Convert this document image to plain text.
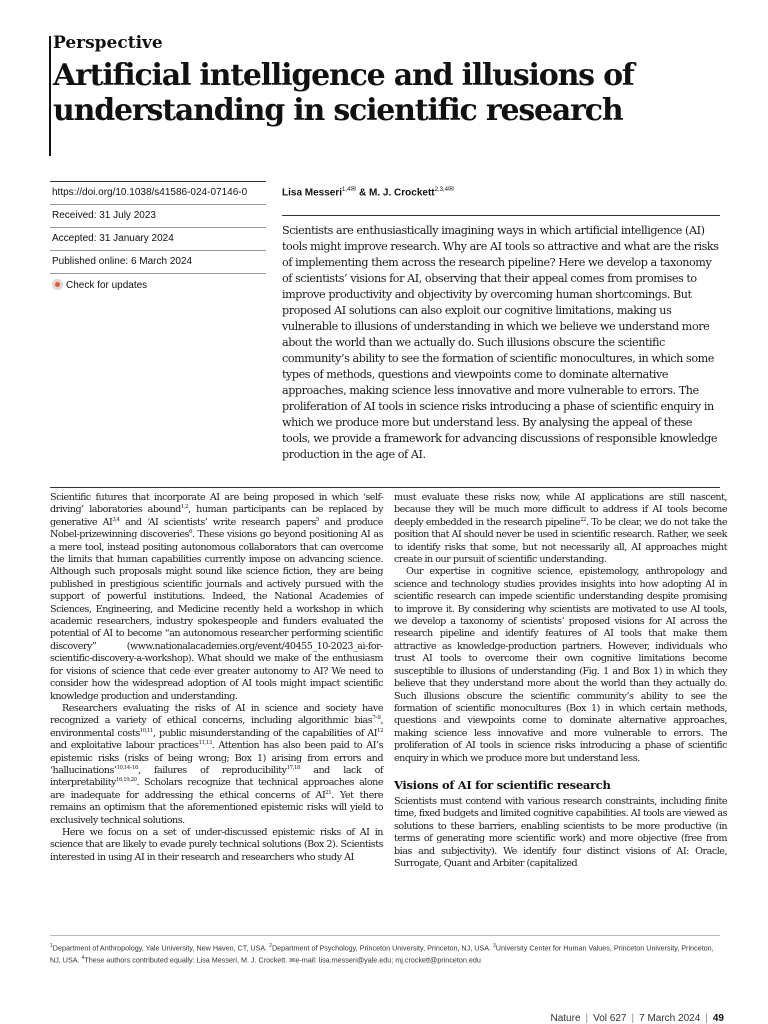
Perspective
Artificial intelligence and illusions of
understanding in scientific research
https://doi.org/10.1038/s41586-024-07146-0
Received: 31 July 2023
Accepted: 31 January 2024
Published online: 6 March 2024
Check for updates
Lisa Messeri$^{1,4✉}$ & M. J. Crockett$^{2,3,4✉}$

Scientists are enthusiastically imagining ways in which artificial intelligence (AI) tools might improve research. Why are AI tools so attractive and what are the risks of implementing them across the research pipeline? Here we develop a taxonomy of scientists’ visions for AI, observing that their appeal comes from promises to improve productivity and objectivity by overcoming human shortcomings. But proposed AI solutions can also exploit our cognitive limitations, making us vulnerable to illusions of understanding in which we believe we understand more about the world than we actually do. Such illusions obscure the scientific community’s ability to see the formation of scientific monocultures, in which some types of methods, questions and viewpoints come to dominate alternative approaches, making science less innovative and more vulnerable to errors. The proliferation of AI tools in science risks introducing a phase of scientific enquiry in which we produce more but understand less. By analysing the appeal of these tools, we provide a framework for advancing discussions of responsible knowledge production in the age of AI.

Scientific futures that incorporate AI are being proposed in which ‘self-driving’ laboratories abound$^{1,2}$, human participants can be replaced by generative AI$^{3,4}$ and ‘AI scientists’ write research papers$^5$ and produce Nobel-prizewinning discoveries$^6$. These visions go beyond positioning AI as a mere tool, instead positing autonomous collaborators that can overcome the limits that human capabilities currently impose on advancing science. Although such proposals might sound like science fiction, they are being published in prestigious scientific journals and actively pursued with the support of powerful institutions. Indeed, the National Academies of Sciences, Engineering, and Medicine recently held a workshop in which academic researchers, industry spokespeople and funders evaluated the potential of AI to become “an autonomous researcher performing scientific discovery” (www.nationalacademies.org/event/40455_10-2023_ai-for-scientific-discovery-a-workshop). What should we make of the enthusiasm for visions of science that cede ever greater autonomy to AI? We need to consider how the widespread adoption of AI tools might impact scientific knowledge production and understanding.

Researchers evaluating the risks of AI in science and society have recognized a variety of ethical concerns, including algorithmic bias$^{7-9}$, environmental costs$^{10,11}$, public misunderstanding of the capabilities of AI$^{12}$ and exploitative labour practices$^{11,13}$. Attention has also been paid to AI’s epistemic risks (risks of being wrong; Box 1) arising from errors and ‘hallucinations’$^{10,14-16}$, failures of reproducibility$^{17,18}$ and lack of interpretability$^{16,19,20}$. Scholars recognize that technical approaches alone are inadequate for addressing the ethical concerns of AI$^{21}$. Yet there remains an optimism that the aforementioned epistemic risks will yield to exclusively technical solutions.

Here we focus on a set of under-discussed epistemic risks of AI in science that are likely to evade purely technical solutions (Box 2). Scientists interested in using AI in their research and researchers who study AI

must evaluate these risks now, while AI applications are still nascent, because they will be much more difficult to address if AI tools become deeply embedded in the research pipeline$^{22}$. To be clear, we do not take the position that AI should never be used in scientific research. Rather, we seek to identify risks that some, but not necessarily all, AI approaches might create in our pursuit of scientific understanding.

Our expertise in cognitive science, epistemology, anthropology and science and technology studies provides insights into how adopting AI in scientific research can impede scientific understanding despite promising to improve it. By considering why scientists are motivated to use AI tools, we develop a taxonomy of scientists’ proposed visions for AI across the research pipeline and identify features of AI tools that make them attractive as knowledge-production partners. However, individuals who trust AI tools to overcome their own cognitive limitations become susceptible to illusions of understanding (Fig. 1 and Box 1) in which they believe that they understand more about the world than they actually do. Such illusions obscure the scientific community’s ability to see the formation of scientific monocultures (Box 1) in which certain methods, questions and viewpoints come to dominate alternative approaches, making science less innovative and more vulnerable to errors. The proliferation of AI tools in science risks introducing a phase of scientific enquiry in which we produce more but understand less.

Visions of AI for scientific research

Scientists must contend with various research constraints, including finite time, fixed budgets and limited cognitive capabilities. AI tools are viewed as solutions to these barriers, enabling scientists to be more productive (in terms of generating more scientific work) and more objective (free from bias and subjectivity). We identify four distinct visions of AI: Oracle, Surrogate, Quant and Arbiter (capitalized

$^1$Department of Anthropology, Yale University, New Haven, CT, USA. $^2$Department of Psychology, Princeton University, Princeton, NJ, USA. $^3$University Center for Human Values, Princeton University, Princeton, NJ, USA. $^4$These authors contributed equally: Lisa Messeri, M. J. Crockett. ✉e-mail: lisa.messeri@yale.edu; mj.crockett@princeton.edu
Nature | Vol 627 | 7 March 2024 | 49
